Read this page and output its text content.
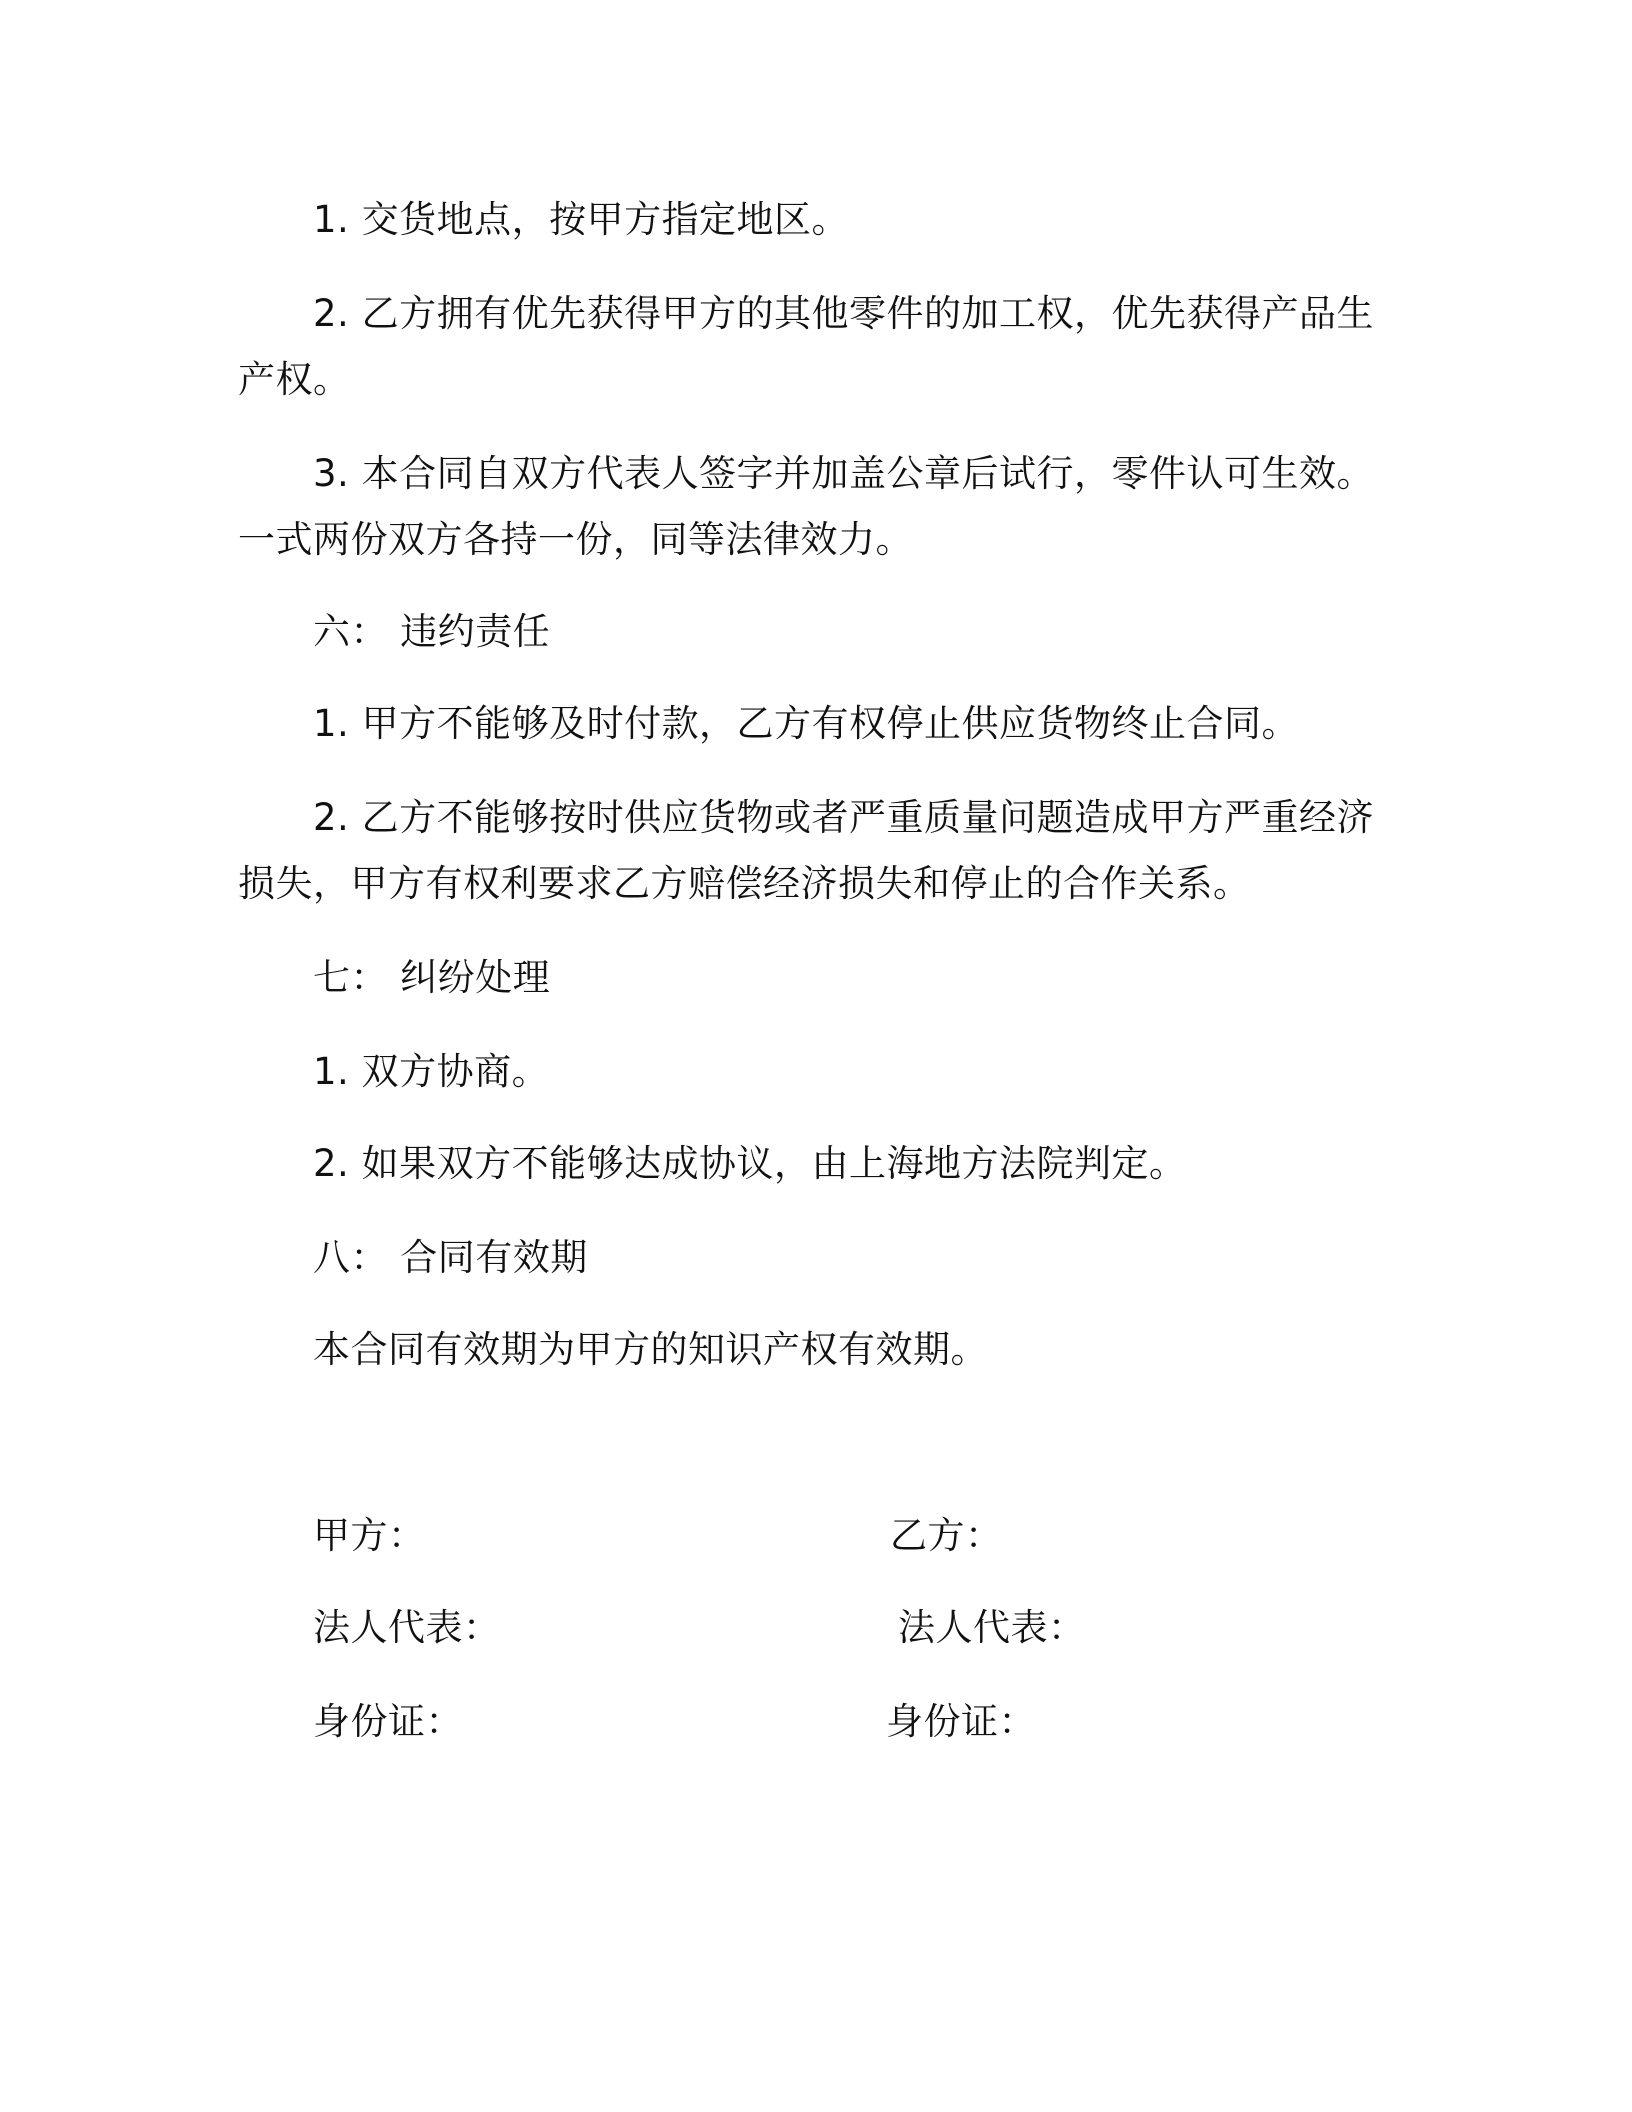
1. 交货地点，按甲方指定地区。
2. 乙方拥有优先获得甲方的其他零件的加工权，优先获得产品生
产权。
3. 本合同自双方代表人签字并加盖公章后试行，零件认可生效。
一式两份双方各持一份，同等法律效力。
六： 违约责任
1. 甲方不能够及时付款，乙方有权停止供应货物终止合同。
2. 乙方不能够按时供应货物或者严重质量问题造成甲方严重经济
损失，甲方有权利要求乙方赔偿经济损失和停止的合作关系。
七： 纠纷处理
1. 双方协商。
2. 如果双方不能够达成协议，由上海地方法院判定。
八： 合同有效期
本合同有效期为甲方的知识产权有效期。
甲方：	乙方：
法人代表：	法人代表：
身份证：	身份证：
